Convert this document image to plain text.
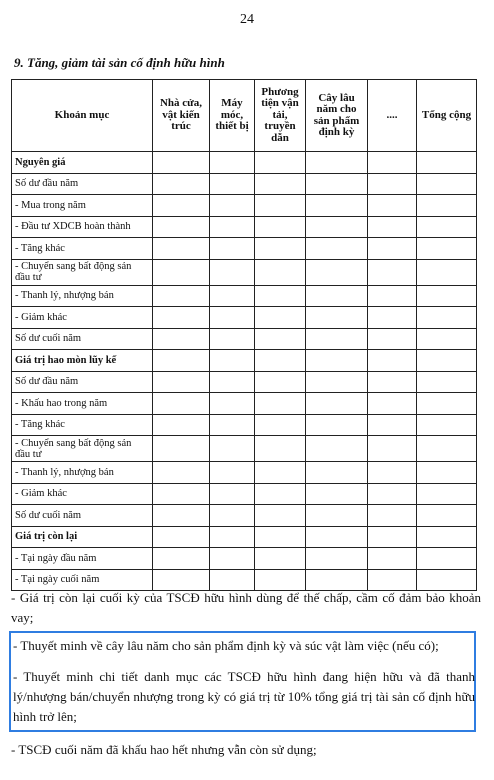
24
9. Tăng, giảm tài sản cố định hữu hình
Khoản mục	Nhà cửa, vật kiến trúc	Máy móc, thiết bị	Phương tiện vận tải, truyền dẫn	Cây lâu năm cho sản phẩm định kỳ	....	Tổng cộng
Nguyên giá						
Số dư đầu năm						
- Mua trong năm						
- Đầu tư XDCB hoàn thành						
- Tăng khác						
- Chuyển sang bất động sản đầu tư						
- Thanh lý, nhượng bán						
- Giảm khác						
Số dư cuối năm						
Giá trị hao mòn lũy kế						
Số dư đầu năm						
- Khấu hao trong năm						
- Tăng khác						
- Chuyển sang bất động sản đầu tư						
- Thanh lý, nhượng bán						
- Giảm khác						
Số dư cuối năm						
Giá trị còn lại						
- Tại ngày đầu năm						
- Tại ngày cuối năm						
- Giá trị còn lại cuối kỳ của TSCĐ hữu hình dùng để thế chấp, cầm cố đảm bảo khoản vay;
- Thuyết minh về cây lâu năm cho sản phẩm định kỳ và súc vật làm việc (nếu có);
- Thuyết minh chi tiết danh mục các TSCĐ hữu hình đang hiện hữu và đã thanh lý/nhượng bán/chuyển nhượng trong kỳ có giá trị từ 10% tổng giá trị tài sản cố định hữu hình trở lên;
- TSCĐ cuối năm đã khấu hao hết nhưng vẫn còn sử dụng;
